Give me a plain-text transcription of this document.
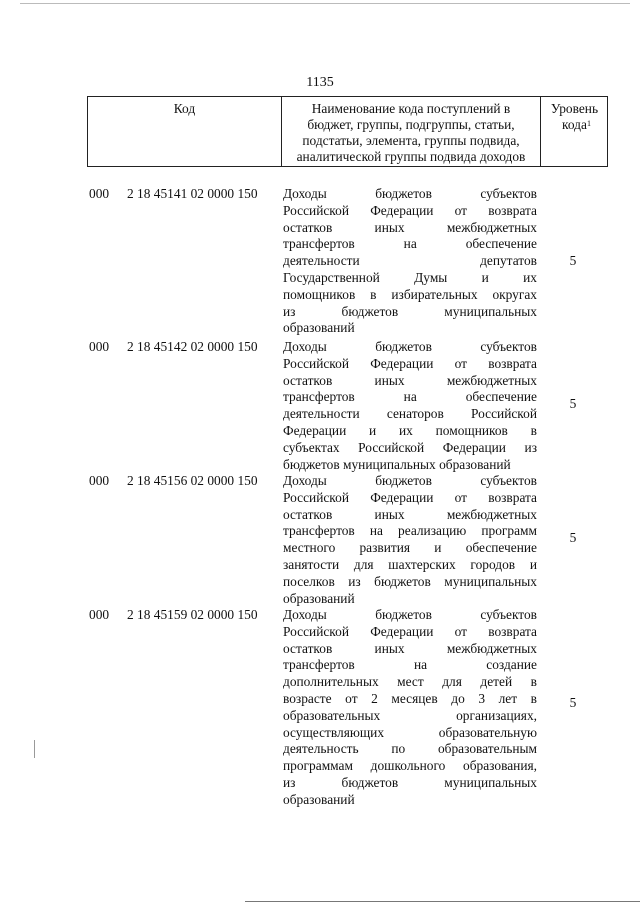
1135
Код	Наименование кода поступлений в
бюджет, группы, подгруппы, статьи,
подстатьи, элемента, группы подвида,
аналитической группы подвида доходов
Уровень
кода$^1$
000 2 18 45141 02 0000 150 Доходы бюджетов субъектов
Российской Федерации от возврата
остатков иных межбюджетных
трансфертов на обеспечение
деятельности депутатов
Государственной Думы и их
помощников в избирательных округах
из бюджетов муниципальных
образований
5
000 2 18 45142 02 0000 150 Доходы бюджетов субъектов
Российской Федерации от возврата
остатков иных межбюджетных
трансфертов на обеспечение
деятельности сенаторов Российской
Федерации и их помощников в
субъектах Российской Федерации из
бюджетов муниципальных образований
5
000 2 18 45156 02 0000 150 Доходы бюджетов субъектов
Российской Федерации от возврата
остатков иных межбюджетных
трансфертов на реализацию программ
местного развития и обеспечение
занятости для шахтерских городов и
поселков из бюджетов муниципальных
образований
5
000 2 18 45159 02 0000 150 Доходы бюджетов субъектов
Российской Федерации от возврата
остатков иных межбюджетных
трансфертов на создание
дополнительных мест для детей в
возрасте от 2 месяцев до 3 лет в
образовательных организациях,
осуществляющих образовательную
деятельность по образовательным
программам дошкольного образования,
из бюджетов муниципальных
образований
5
